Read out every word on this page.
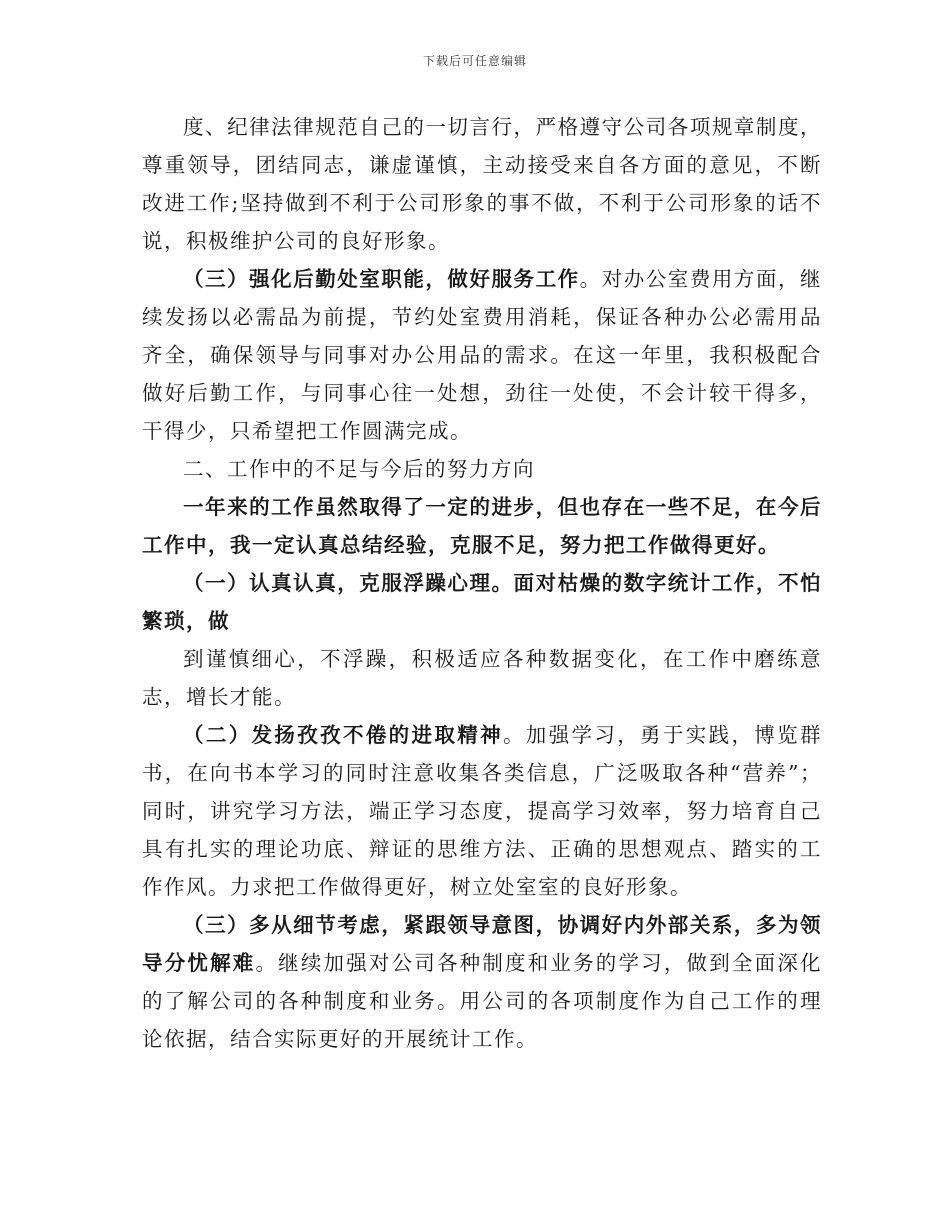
下载后可任意编辑

度、纪律法律规范自己的一切言行，严格遵守公司各项规章制度，尊重领导，团结同志，谦虚谨慎，主动接受来自各方面的意见，不断改进工作;坚持做到不利于公司形象的事不做，不利于公司形象的话不说，积极维护公司的良好形象。

（三）强化后勤处室职能，做好服务工作。对办公室费用方面，继续发扬以必需品为前提，节约处室费用消耗，保证各种办公必需用品齐全，确保领导与同事对办公用品的需求。在这一年里，我积极配合做好后勤工作，与同事心往一处想，劲往一处使，不会计较干得多，干得少，只希望把工作圆满完成。

二、工作中的不足与今后的努力方向

一年来的工作虽然取得了一定的进步，但也存在一些不足，在今后工作中，我一定认真总结经验，克服不足，努力把工作做得更好。

（一）认真认真，克服浮躁心理。面对枯燥的数字统计工作，不怕繁琐，做

到谨慎细心，不浮躁，积极适应各种数据变化，在工作中磨练意志，增长才能。

（二）发扬孜孜不倦的进取精神。加强学习，勇于实践，博览群书，在向书本学习的同时注意收集各类信息，广泛吸取各种“营养”；同时，讲究学习方法，端正学习态度，提高学习效率，努力培育自己具有扎实的理论功底、辩证的思维方法、正确的思想观点、踏实的工作作风。力求把工作做得更好，树立处室室的良好形象。

（三）多从细节考虑，紧跟领导意图，协调好内外部关系，多为领导分忧解难。继续加强对公司各种制度和业务的学习，做到全面深化的了解公司的各种制度和业务。用公司的各项制度作为自己工作的理论依据，结合实际更好的开展统计工作。
